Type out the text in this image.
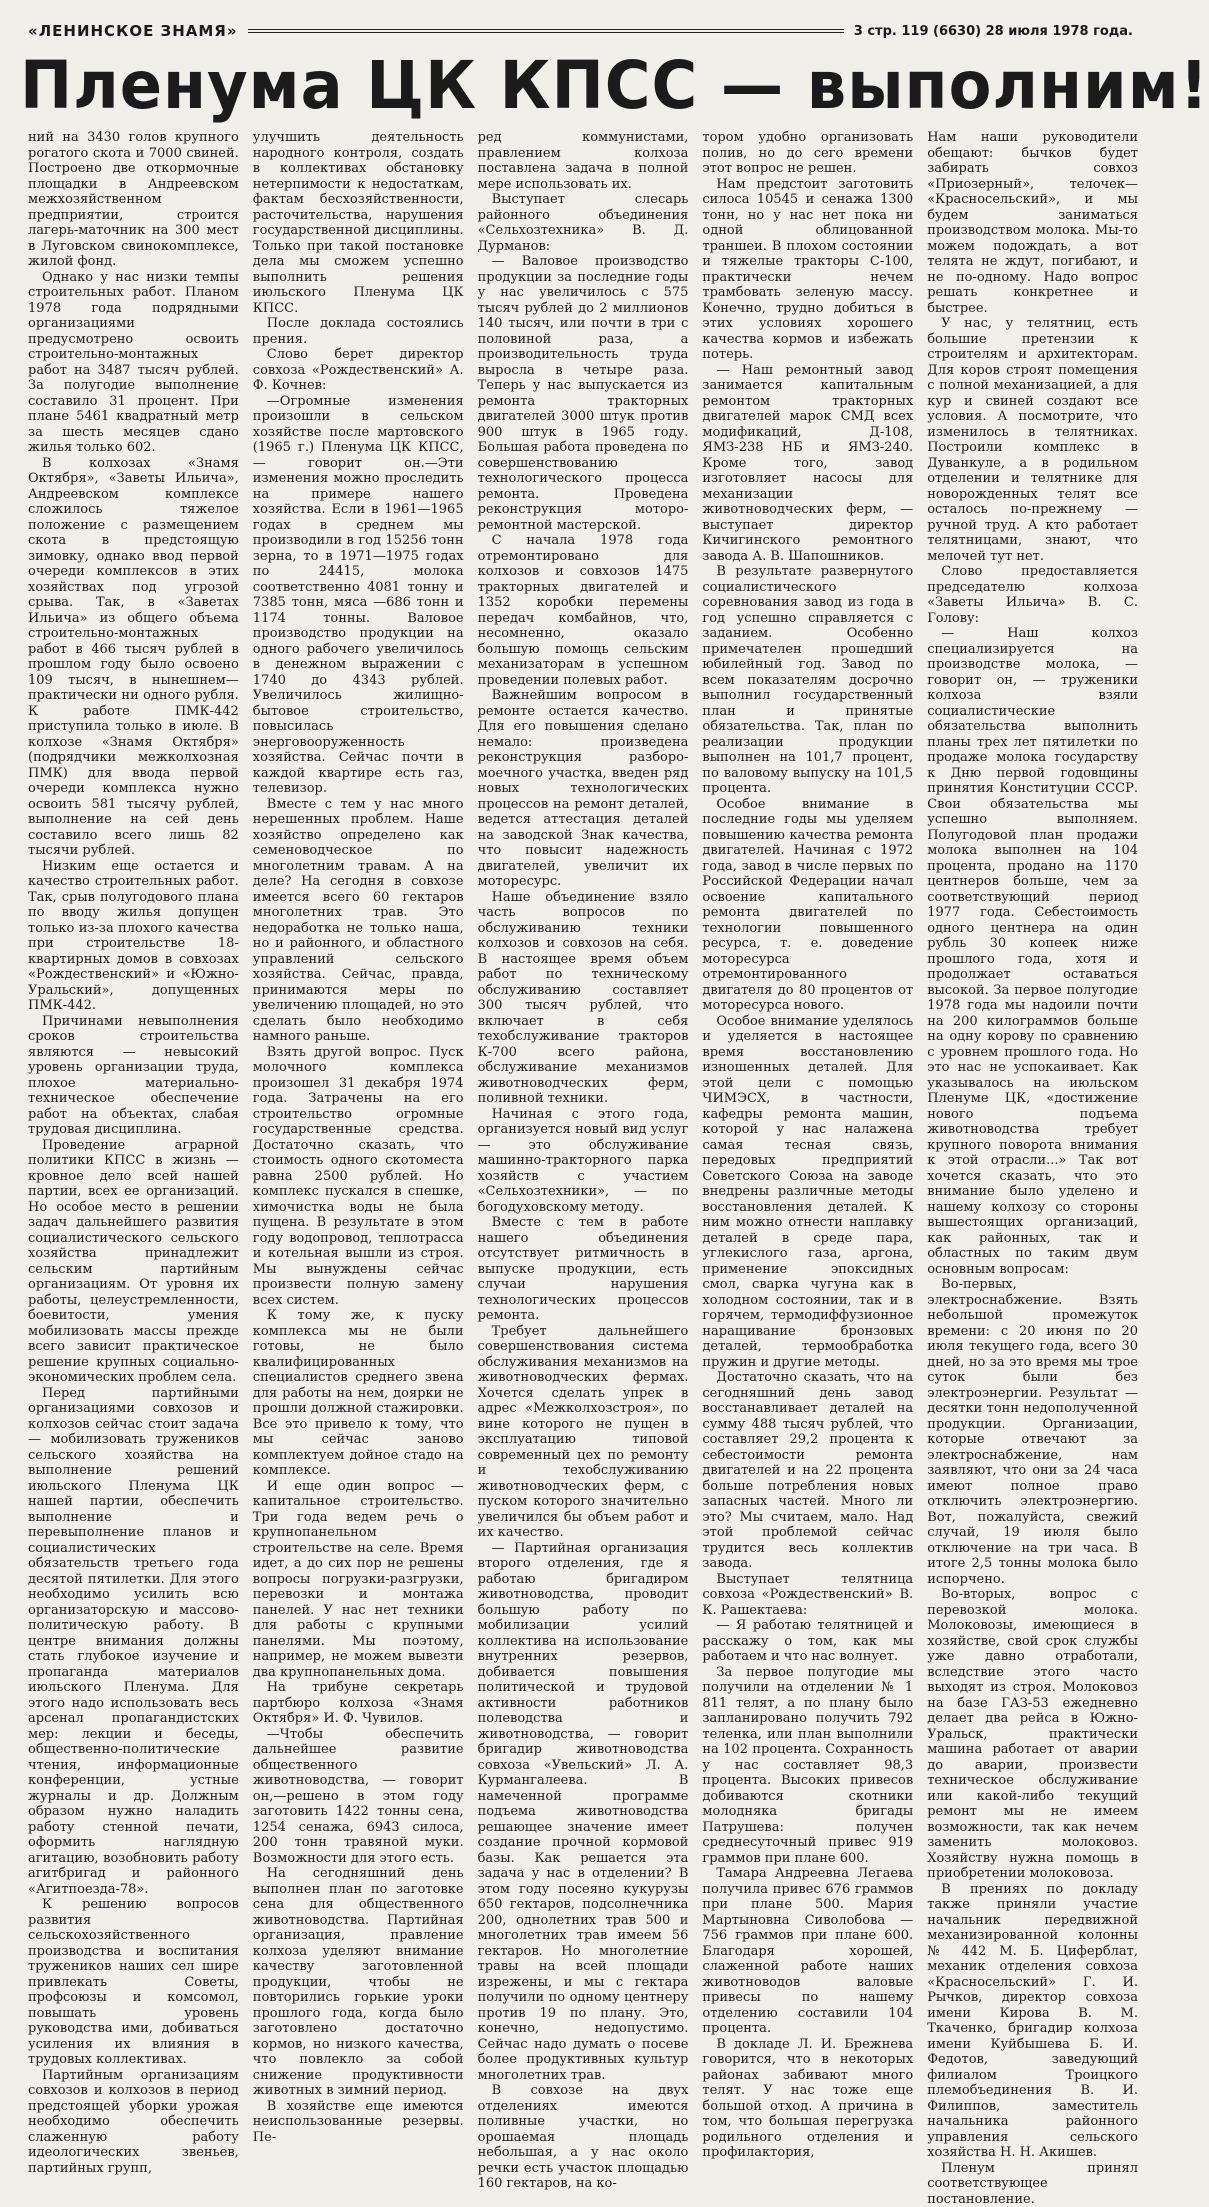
«ЛЕНИНСКОЕ ЗНАМЯ»	3 стр. 119 (6630) 28 июля 1978 года.
Пленума ЦК КПСС — выполним!

ний на 3430 голов крупного рогатого скота и 7000 свиней. Построено две откормочные площадки в Андреевском межхозяйственном предприятии, строится лагерь-маточник на 300 мест в Луговском свинокомплексе, жилой фонд.

Однако у нас низки темпы строительных работ. Планом 1978 года подрядными организациями предусмотрено освоить строительно-монтажных работ на 3487 тысяч рублей. За полугодие выполнение составило 31 процент. При плане 5461 квадратный метр за шесть месяцев сдано жилья только 602.

В колхозах «Знамя Октября», «Заветы Ильича», Андреевском комплексе сложилось тяжелое положение с размещением скота в предстоящую зимовку, однако ввод первой очереди комплексов в этих хозяйствах под угрозой срыва. Так, в «Заветах Ильича» из общего объема строительно-монтажных работ в 466 тысяч рублей в прошлом году было освоено 109 тысяч, в нынешнем— практически ни одного рубля. К работе ПМК-442 приступила только в июле. В колхозе «Знамя Октября» (подрядчики межколхозная ПМК) для ввода первой очереди комплекса нужно освоить 581 тысячу рублей, выполнение на сей день составило всего лишь 82 тысячи рублей.

Низким еще остается и качество строительных работ. Так, срыв полугодового плана по вводу жилья допущен только из-за плохого качества при строительстве 18-квартирных домов в совхозах «Рождественский» и «Южно-Уральский», допущенных ПМК-442.

Причинами невыполнения сроков строительства являются — невысокий уровень организации труда, плохое материально-техническое обеспечение работ на объектах, слабая трудовая дисциплина.

Проведение аграрной политики КПСС в жизнь — кровное дело всей нашей партии, всех ее организаций. Но особое место в решении задач дальнейшего развития социалистического сельского хозяйства принадлежит сельским партийным организациям. От уровня их работы, целеустремленности, боевитости, умения мобилизовать массы прежде всего зависит практическое решение крупных социально-экономических проблем села.

Перед партийными организациями совхозов и колхозов сейчас стоит задача — мобилизовать тружеников сельского хозяйства на выполнение решений июльского Пленума ЦК нашей партии, обеспечить выполнение и перевыполнение планов и социалистических обязательств третьего года десятой пятилетки. Для этого необходимо усилить всю организаторскую и массово-политическую работу. В центре внимания должны стать глубокое изучение и пропаганда материалов июльского Пленума. Для этого надо использовать весь арсенал пропагандистских мер: лекции и беседы, общественно-политические чтения, информационные конференции, устные журналы и др. Должным образом нужно наладить работу стенной печати, оформить наглядную агитацию, возобновить работу агитбригад и районного «Агитпоезда-78».

К решению вопросов развития сельскохозяйственного производства и воспитания тружеников наших сел шире привлекать Советы, профсоюзы и комсомол, повышать уровень руководства ими, добиваться усиления их влияния в трудовых коллективах.

Партийным организациям совхозов и колхозов в период предстоящей уборки урожая необходимо обеспечить слаженную работу идеологических звеньев, партийных групп,

улучшить деятельность народного контроля, создать в коллективах обстановку нетерпимости к недостаткам, фактам бесхозяйственности, расточительства, нарушения государственной дисциплины. Только при такой постановке дела мы сможем успешно выполнить решения июльского Пленума ЦК КПСС.

После доклада состоялись прения.

Слово берет директор совхоза «Рождественский» А. Ф. Кочнев:

—Огромные изменения произошли в сельском хозяйстве после мартовского (1965 г.) Пленума ЦК КПСС, — говорит он.—Эти изменения можно проследить на примере нашего хозяйства. Если в 1961—1965 годах в среднем мы производили в год 15256 тонн зерна, то в 1971—1975 годах по 24415, молока соответственно 4081 тонну и 7385 тонн, мяса —686 тонн и 1174 тонны. Валовое производство продукции на одного рабочего увеличилось в денежном выражении с 1740 до 4343 рублей. Увеличилось жилищно-бытовое строительство, повысилась энерговооруженность хозяйства. Сейчас почти в каждой квартире есть газ, телевизор.

Вместе с тем у нас много нерешенных проблем. Наше хозяйство определено как семеноводческое по многолетним травам. А на деле? На сегодня в совхозе имеется всего 60 гектаров многолетних трав. Это недоработка не только наша, но и районного, и областного управлений сельского хозяйства. Сейчас, правда, принимаются меры по увеличению площадей, но это сделать было необходимо намного раньше.

Взять другой вопрос. Пуск молочного комплекса произошел 31 декабря 1974 года. Затрачены на его строительство огромные государственные средства. Достаточно сказать, что стоимость одного скотоместа равна 2500 рублей. Но комплекс пускался в спешке, химочистка воды не была пущена. В результате в этом году водопровод, теплотрасса и котельная вышли из строя. Мы вынуждены сейчас произвести полную замену всех систем.

К тому же, к пуску комплекса мы не были готовы, не было квалифицированных специалистов среднего звена для работы на нем, доярки не прошли должной стажировки. Все это привело к тому, что мы сейчас заново комплектуем дойное стадо на комплексе.

И еще один вопрос — капитальное строительство. Три года ведем речь о крупнопанельном строительстве на селе. Время идет, а до сих пор не решены вопросы погрузки-разгрузки, перевозки и монтажа панелей. У нас нет техники для работы с крупными панелями. Мы поэтому, например, не можем вывезти два крупнопанельных дома.

На трибуне секретарь партбюро колхоза «Знамя Октября» И. Ф. Чувилов.

—Чтобы обеспечить дальнейшее развитие общественного животноводства, — говорит он,—решено в этом году заготовить 1422 тонны сена, 1254 сенажа, 6943 силоса, 200 тонн травяной муки. Возможности для этого есть.

На сегодняшний день выполнен план по заготовке сена для общественного животноводства. Партийная организация, правление колхоза уделяют внимание качеству заготовленной продукции, чтобы не повторились горькие уроки прошлого года, когда было заготовлено достаточно кормов, но низкого качества, что повлекло за собой снижение продуктивности животных в зимний период.

В хозяйстве еще имеются неиспользованные резервы. Пе-

ред коммунистами, правлением колхоза поставлена задача в полной мере использовать их.

Выступает слесарь районного объединения «Сельхозтехника» В. Д. Дурманов:

— Валовое производство продукции за последние годы у нас увеличилось с 575 тысяч рублей до 2 миллионов 140 тысяч, или почти в три с половиной раза, а производительность труда выросла в четыре раза. Теперь у нас выпускается из ремонта тракторных двигателей 3000 штук против 900 штук в 1965 году. Большая работа проведена по совершенствованию технологического процесса ремонта. Проведена реконструкция моторо-ремонтной мастерской.

С начала 1978 года отремонтировано для колхозов и совхозов 1475 тракторных двигателей и 1352 коробки перемены передач комбайнов, что, несомненно, оказало большую помощь сельским механизаторам в успешном проведении полевых работ.

Важнейшим вопросом в ремонте остается качество. Для его повышения сделано немало: произведена реконструкция разборо-моечного участка, введен ряд новых технологических процессов на ремонт деталей, ведется аттестация деталей на заводской Знак качества, что повысит надежность двигателей, увеличит их моторесурс.

Наше объединение взяло часть вопросов по обслуживанию техники колхозов и совхозов на себя. В настоящее время объем работ по техническому обслуживанию составляет 300 тысяч рублей, что включает в себя техобслуживание тракторов К-700 всего района, обслуживание механизмов животноводческих ферм, поливной техники.

Начиная с этого года, организуется новый вид услуг — это обслуживание машинно-тракторного парка хозяйств с участием «Сельхозтехники», — по богодуховскому методу.

Вместе с тем в работе нашего объединения отсутствует ритмичность в выпуске продукции, есть случаи нарушения технологических процессов ремонта.

Требует дальнейшего совершенствования система обслуживания механизмов на животноводческих фермах. Хочется сделать упрек в адрес «Межколхозстроя», по вине которого не пущен в эксплуатацию типовой современный цех по ремонту и техобслуживанию животноводческих ферм, с пуском которого значительно увеличился бы объем работ и их качество.

— Партийная организация второго отделения, где я работаю бригадиром животноводства, проводит большую работу по мобилизации усилий коллектива на использование внутренних резервов, добивается повышения политической и трудовой активности работников полеводства и животноводства, — говорит бригадир животноводства совхоза «Увельский» Л. А. Курмангалеева. В намеченной программе подъема животноводства решающее значение имеет создание прочной кормовой базы. Как решается эта задача у нас в отделении? В этом году посеяно кукурузы 650 гектаров, подсолнечника 200, однолетних трав 500 и многолетних трав имеем 56 гектаров. Но многолетние травы на всей площади изрежены, и мы с гектара получили по одному центнеру против 19 по плану. Это, конечно, недопустимо. Сейчас надо думать о посеве более продуктивных культур многолетних трав.

В совхозе на двух отделениях имеются поливные участки, но орошаемая площадь небольшая, а у нас около речки есть участок площадью 160 гектаров, на ко-

тором удобно организовать полив, но до сего времени этот вопрос не решен.

Нам предстоит заготовить силоса 10545 и сенажа 1300 тонн, но у нас нет пока ни одной облицованной траншеи. В плохом состоянии и тяжелые тракторы С-100, практически нечем трамбовать зеленую массу. Конечно, трудно добиться в этих условиях хорошего качества кормов и избежать потерь.

— Наш ремонтный завод занимается капитальным ремонтом тракторных двигателей марок СМД всех модификаций, Д-108, ЯМЗ-238 НБ и ЯМЗ-240. Кроме того, завод изготовляет насосы для механизации животноводческих ферм, — выступает директор Кичигинского ремонтного завода А. В. Шапошников.

В результате развернутого социалистического соревнования завод из года в год успешно справляется с заданием. Особенно примечателен прошедший юбилейный год. Завод по всем показателям досрочно выполнил государственный план и принятые обязательства. Так, план по реализации продукции выполнен на 101,7 процент, по валовому выпуску на 101,5 процента.

Особое внимание в последние годы мы уделяем повышению качества ремонта двигателей. Начиная с 1972 года, завод в числе первых по Российской Федерации начал освоение капитального ремонта двигателей по технологии повышенного ресурса, т. е. доведение моторесурса отремонтированного двигателя до 80 процентов от моторесурса нового.

Особое внимание уделялось и уделяется в настоящее время восстановлению изношенных деталей. Для этой цели с помощью ЧИМЭСХ, в частности, кафедры ремонта машин, которой у нас налажена самая тесная связь, передовых предприятий Советского Союза на заводе внедрены различные методы восстановления деталей. К ним можно отнести наплавку деталей в среде пара, углекислого газа, аргона, применение эпоксидных смол, сварка чугуна как в холодном состоянии, так и в горячем, термодиффузионное наращивание бронзовых деталей, термообработка пружин и другие методы.

Достаточно сказать, что на сегодняшний день завод восстанавливает деталей на сумму 488 тысяч рублей, что составляет 29,2 процента к себестоимости ремонта двигателей и на 22 процента больше потребления новых запасных частей. Много ли это? Мы считаем, мало. Над этой проблемой сейчас трудится весь коллектив завода.

Выступает телятница совхоза «Рождественский» В. К. Рашектаева:

— Я работаю телятницей и расскажу о том, как мы работаем и что нас волнует.

За первое полугодие мы получили на отделении № 1 811 телят, а по плану было запланировано получить 792 теленка, или план выполнили на 102 процента. Сохранность у нас составляет 98,3 процента. Высоких привесов добиваются скотники молодняка бригады Патрушева: получен среднесуточный привес 919 граммов при плане 600.

Тамара Андреевна Легаева получила привес 676 граммов при плане 500. Мария Мартыновна Сиволобова — 756 граммов при плане 600. Благодаря хорошей, слаженной работе наших животноводов валовые привесы по нашему отделению составили 104 процента.

В докладе Л. И. Брежнева говорится, что в некоторых районах забивают много телят. У нас тоже еще большой отход. А причина в том, что большая перегрузка родильного отделения и профилактория,

Нам наши руководители обещают: бычков будет забирать совхоз «Приозерный», телочек— «Красносельский», и мы будем заниматься производством молока. Мы-то можем подождать, а вот телята не ждут, погибают, и не по-одному. Надо вопрос решать конкретнее и быстрее.

У нас, у телятниц, есть большие претензии к строителям и архитекторам. Для коров строят помещения с полной механизацией, а для кур и свиней создают все условия. А посмотрите, что изменилось в телятниках. Построили комплекс в Дуванкуле, а в родильном отделении и телятнике для новорожденных телят все осталось по-прежнему — ручной труд. А кто работает телятницами, знают, что мелочей тут нет.

Слово предоставляется председателю колхоза «Заветы Ильича» В. С. Голову:

— Наш колхоз специализируется на производстве молока, — говорит он, — труженики колхоза взяли социалистические обязательства выполнить планы трех лет пятилетки по продаже молока государству к Дню первой годовщины принятия Конституции СССР. Свои обязательства мы успешно выполняем. Полугодовой план продажи молока выполнен на 104 процента, продано на 1170 центнеров больше, чем за соответствующий период 1977 года. Себестоимость одного центнера на один рубль 30 копеек ниже прошлого года, хотя и продолжает оставаться высокой. За первое полугодие 1978 года мы надоили почти на 200 килограммов больше на одну корову по сравнению с уровнем прошлого года. Но это нас не успокаивает. Как указывалось на июльском Пленуме ЦК, «достижение нового подъема животноводства требует крупного поворота внимания к этой отрасли...» Так вот хочется сказать, что это внимание было уделено и нашему колхозу со стороны вышестоящих организаций, как районных, так и областных по таким двум основным вопросам:

Во-первых, электроснабжение. Взять небольшой промежуток времени: с 20 июня по 20 июля текущего года, всего 30 дней, но за это время мы трое суток были без электроэнергии. Результат — десятки тонн недополученной продукции. Организации, которые отвечают за электроснабжение, нам заявляют, что они за 24 часа имеют полное право отключить электроэнергию. Вот, пожалуйста, свежий случай, 19 июля было отключение на три часа. В итоге 2,5 тонны молока было испорчено.

Во-вторых, вопрос с перевозкой молока. Молоковозы, имеющиеся в хозяйстве, свой срок службы уже давно отработали, вследствие этого часто выходят из строя. Молоковоз на базе ГАЗ-53 ежедневно делает два рейса в Южно-Уральск, практически машина работает от аварии до аварии, произвести техническое обслуживание или какой-либо текущий ремонт мы не имеем возможности, так как нечем заменить молоковоз. Хозяйству нужна помощь в приобретении молоковоза.

В прениях по докладу также приняли участие начальник передвижной механизированной колонны № 442 М. Б. Циферблат, механик отделения совхоза «Красносельский» Г. И. Рычков, директор совхоза имени Кирова В. М. Ткаченко, бригадир колхоза имени Куйбышева Б. И. Федотов, заведующий филиалом Троицкого племобъединения В. И. Филиппов, заместитель начальника районного управления сельского хозяйства Н. Н. Акишев.

Пленум принял соответствующее постановление.
